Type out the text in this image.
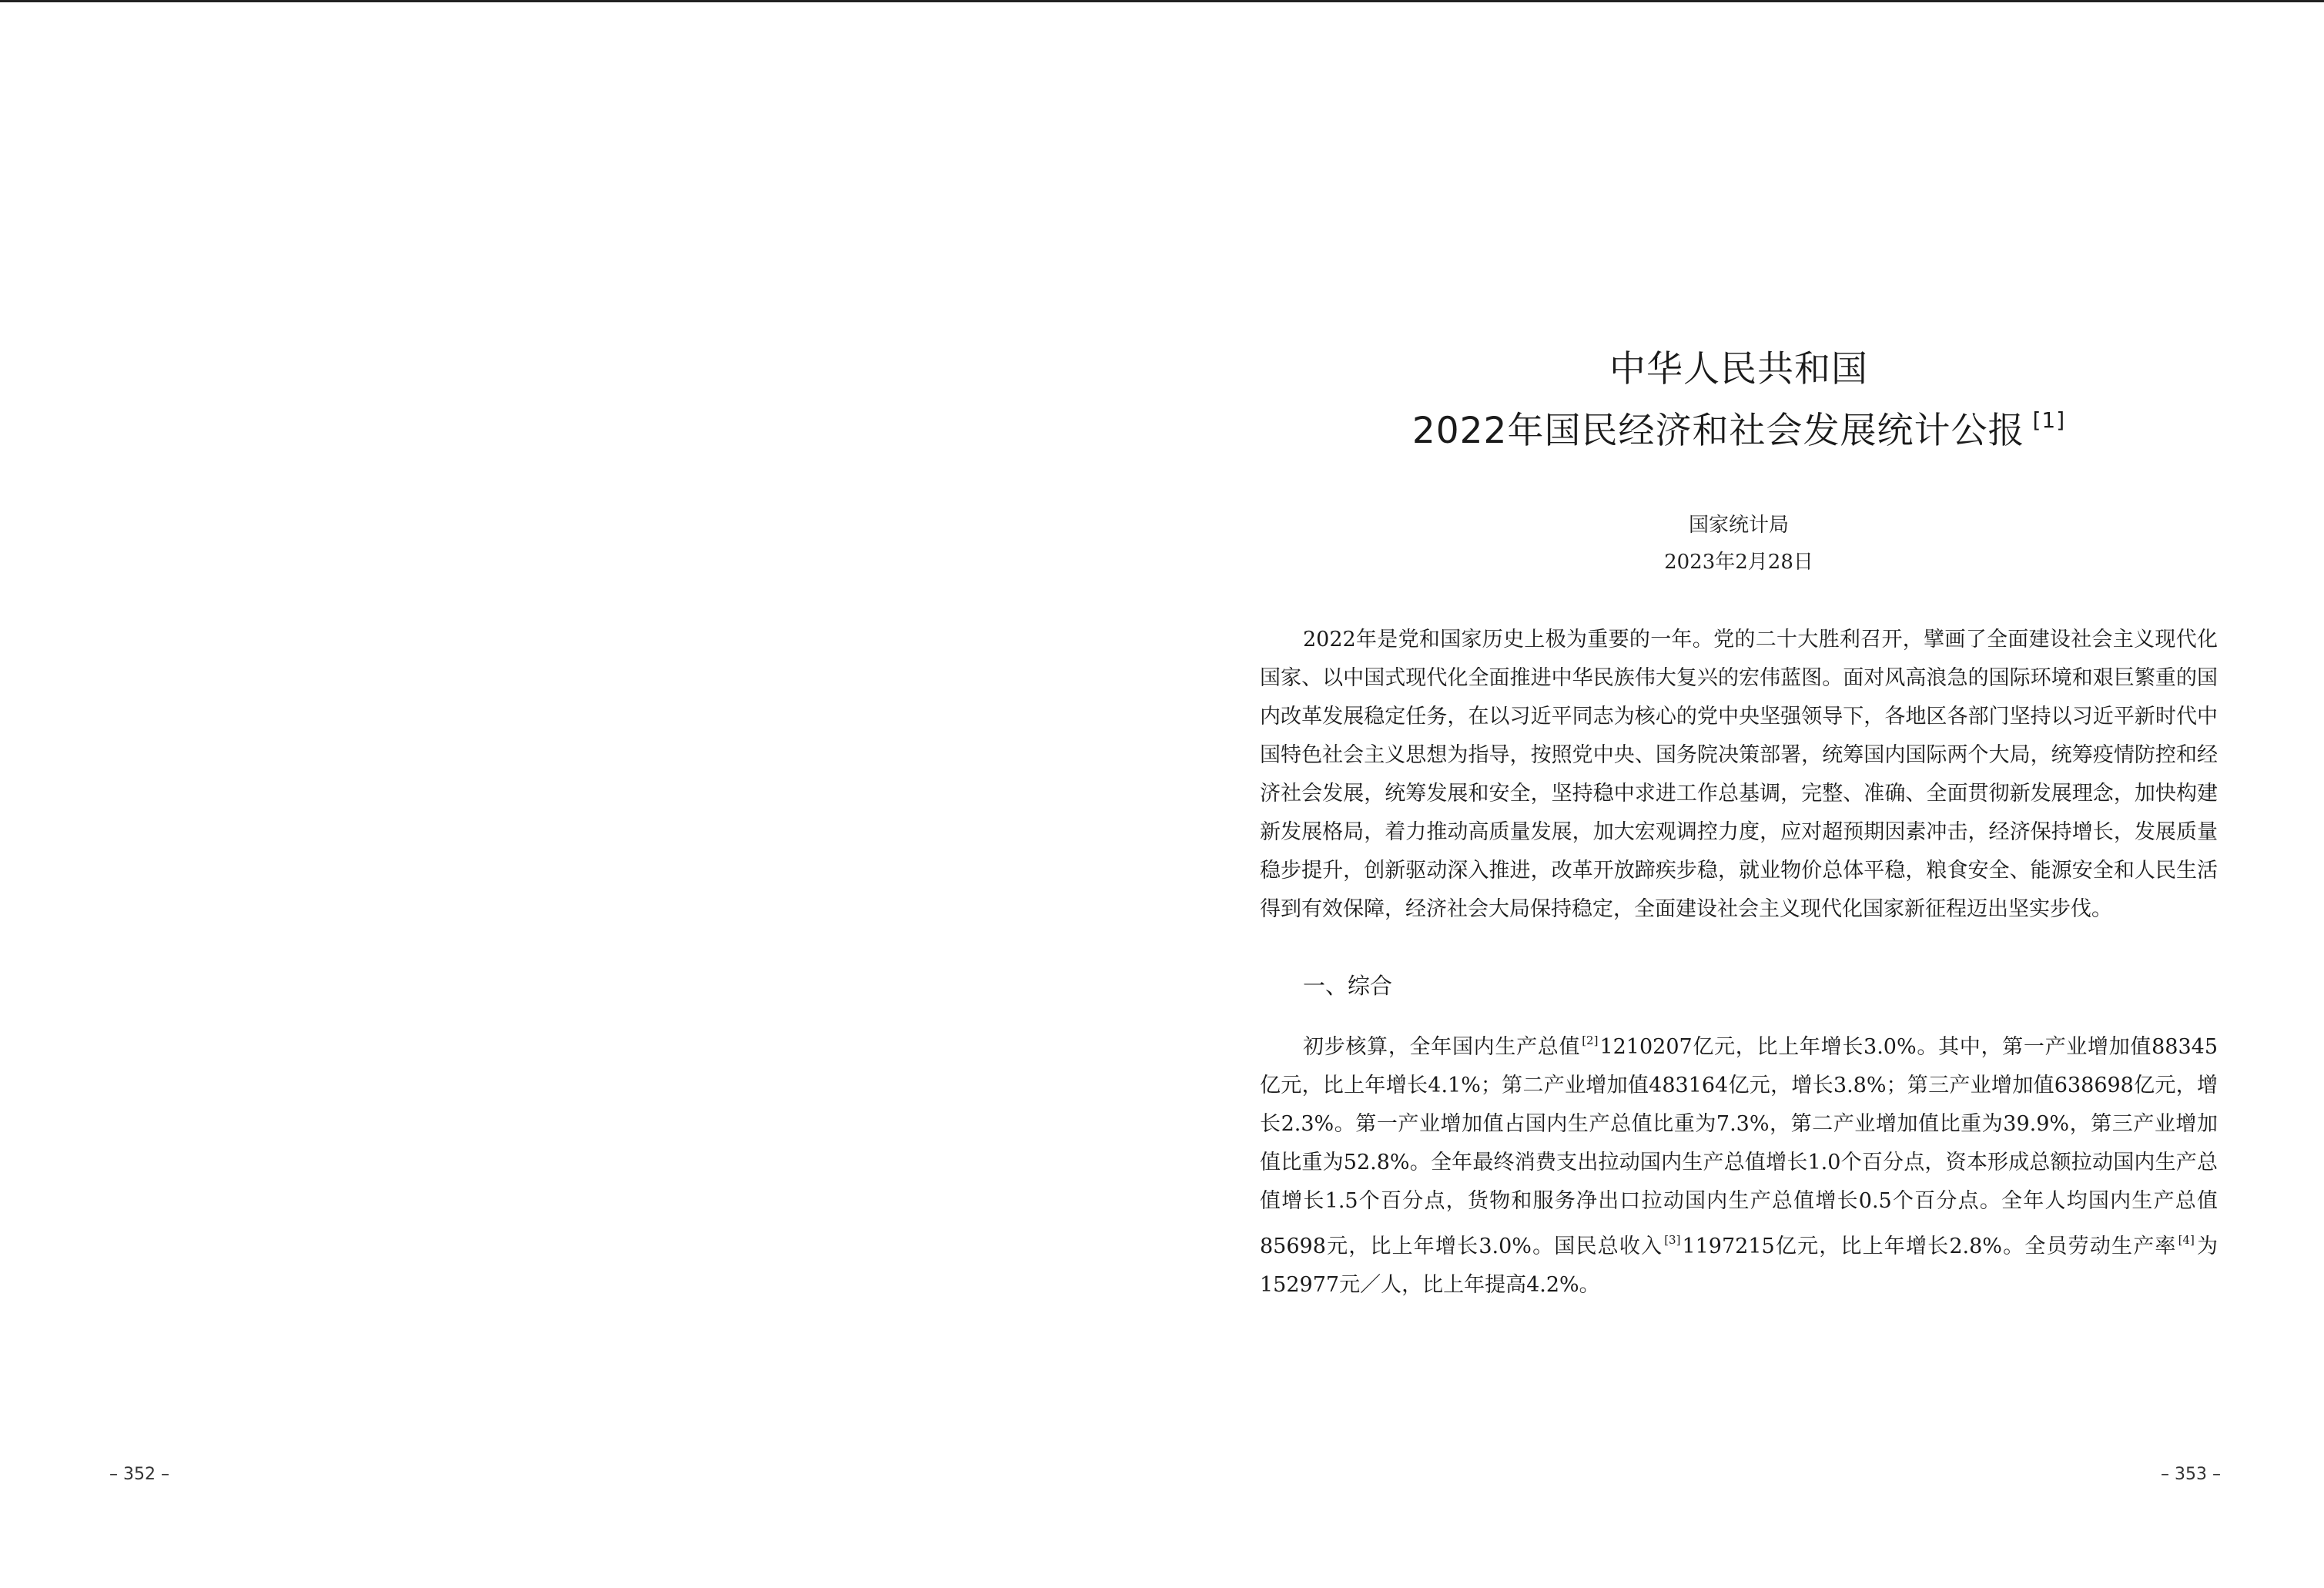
中华人民共和国
2022年国民经济和社会发展统计公报 [1]
国家统计局
2023年2月28日
2022年是党和国家历史上极为重要的一年。党的二十大胜利召开，擘画了全面建设社会主义现代化国家、以中国式现代化全面推进中华民族伟大复兴的宏伟蓝图。面对风高浪急的国际环境和艰巨繁重的国内改革发展稳定任务，在以习近平同志为核心的党中央坚强领导下，各地区各部门坚持以习近平新时代中国特色社会主义思想为指导，按照党中央、国务院决策部署，统筹国内国际两个大局，统筹疫情防控和经济社会发展，统筹发展和安全，坚持稳中求进工作总基调，完整、准确、全面贯彻新发展理念，加快构建新发展格局，着力推动高质量发展，加大宏观调控力度，应对超预期因素冲击，经济保持增长，发展质量稳步提升，创新驱动深入推进，改革开放蹄疾步稳，就业物价总体平稳，粮食安全、能源安全和人民生活得到有效保障，经济社会大局保持稳定，全面建设社会主义现代化国家新征程迈出坚实步伐。
一、综合
初步核算，全年国内生产总值 [2]1210207亿元，比上年增长3.0%。其中，第一产业增加值88345亿元，比上年增长4.1%；第二产业增加值483164亿元，增长3.8%；第三产业增加值638698亿元，增长2.3%。第一产业增加值占国内生产总值比重为7.3%，第二产业增加值比重为39.9%，第三产业增加值比重为52.8%。全年最终消费支出拉动国内生产总值增长1.0个百分点，资本形成总额拉动国内生产总值增长1.5个百分点，货物和服务净出口拉动国内生产总值增长0.5个百分点。全年人均国内生产总值85698元，比上年增长3.0%。国民总收入 [3]1197215亿元，比上年增长2.8%。全员劳动生产率 [4]为152977元／人，比上年提高4.2%。
– 352 –	– 353 –
